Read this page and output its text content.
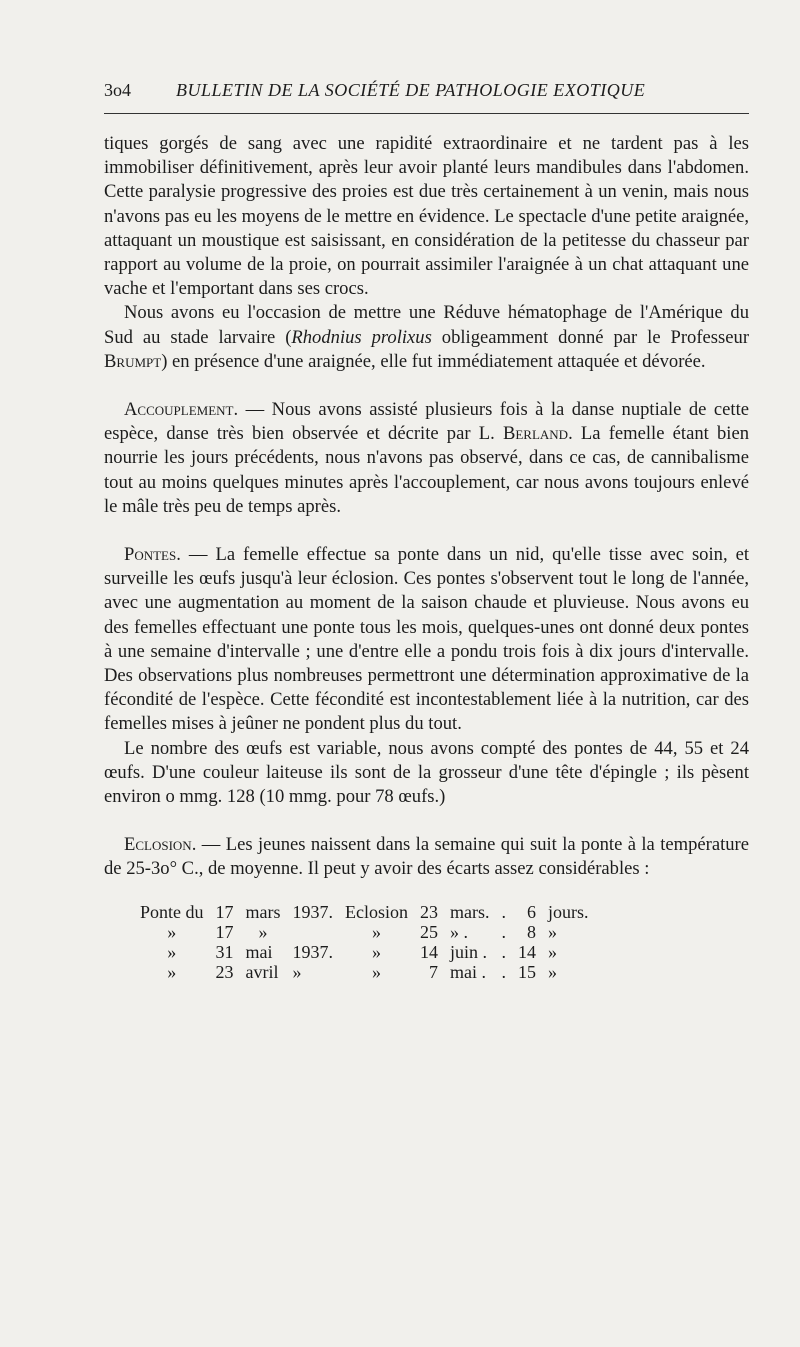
3o4	BULLETIN DE LA SOCIÉTÉ DE PATHOLOGIE EXOTIQUE

tiques gorgés de sang avec une rapidité extraordinaire et ne tardent pas à les immobiliser définitivement, après leur avoir planté leurs mandibules dans l'abdomen. Cette paralysie progressive des proies est due très certainement à un venin, mais nous n'avons pas eu les moyens de le mettre en évidence. Le spectacle d'une petite araignée, attaquant un moustique est saisissant, en considération de la petitesse du chasseur par rapport au volume de la proie, on pourrait assimiler l'araignée à un chat attaquant une vache et l'emportant dans ses crocs.

Nous avons eu l'occasion de mettre une Réduve hématophage de l'Amérique du Sud au stade larvaire (Rhodnius prolixus obligeamment donné par le Professeur Brumpt) en présence d'une araignée, elle fut immédiatement attaquée et dévorée.

Accouplement. — Nous avons assisté plusieurs fois à la danse nuptiale de cette espèce, danse très bien observée et décrite par L. Berland. La femelle étant bien nourrie les jours précédents, nous n'avons pas observé, dans ce cas, de cannibalisme tout au moins quelques minutes après l'accouplement, car nous avons toujours enlevé le mâle très peu de temps après.

Pontes. — La femelle effectue sa ponte dans un nid, qu'elle tisse avec soin, et surveille les œufs jusqu'à leur éclosion. Ces pontes s'observent tout le long de l'année, avec une augmentation au moment de la saison chaude et pluvieuse. Nous avons eu des femelles effectuant une ponte tous les mois, quelques-unes ont donné deux pontes à une semaine d'intervalle ; une d'entre elle a pondu trois fois à dix jours d'intervalle. Des observations plus nombreuses permettront une détermination approximative de la fécondité de l'espèce. Cette fécondité est incontestablement liée à la nutrition, car des femelles mises à jeûner ne pondent plus du tout.

Le nombre des œufs est variable, nous avons compté des pontes de 44, 55 et 24 œufs. D'une couleur laiteuse ils sont de la grosseur d'une tête d'épingle ; ils pèsent environ o mmg. 128 (10 mmg. pour 78 œufs.)

Eclosion. — Les jeunes naissent dans la semaine qui suit la ponte à la température de 25-3o° C., de moyenne. Il peut y avoir des écarts assez considérables :

Ponte du	17	mars	1937.	Eclosion	23	mars.	.	6	jours.
»	17	»		»	25	» .	.	8	»
»	31	mai	1937.	»	14	juin .	.	14	»
»	23	avril	»	»	7	mai .	.	15	»
